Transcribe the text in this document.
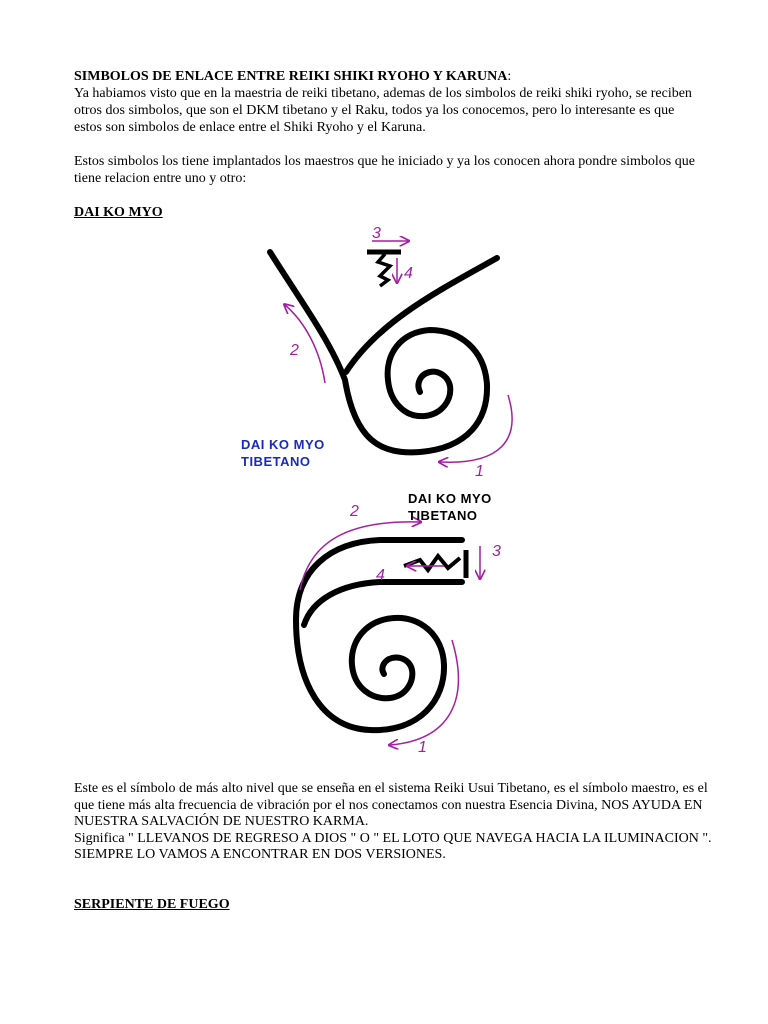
SIMBOLOS DE ENLACE ENTRE REIKI SHIKI RYOHO Y KARUNA:
Ya habiamos visto que en la maestria de reiki tibetano, ademas de los simbolos de reiki shiki ryoho, se reciben otros dos simbolos, que son el DKM tibetano y el Raku, todos ya los conocemos, pero lo interesante es que estos son simbolos de enlace entre el Shiki Ryoho y el Karuna.

Estos simbolos los tiene implantados los maestros que he iniciado y ya los conocen ahora pondre simbolos que tiene relacion entre uno y otro:

DAI KO MYO

3
4
2
1
2
3
4
1
DAI KO MYO
TIBETANO
DAI KO MYO
TIBETANO

Este es el símbolo de más alto nivel que se enseña en el sistema Reiki Usui Tibetano, es el símbolo maestro, es el que tiene más alta frecuencia de vibración por el nos conectamos con nuestra Esencia Divina, NOS AYUDA EN NUESTRA SALVACIÓN DE NUESTRO KARMA.

Significa " LLEVANOS DE REGRESO A DIOS " O " EL LOTO QUE NAVEGA HACIA LA ILUMINACION ".

SIEMPRE LO VAMOS A ENCONTRAR EN DOS VERSIONES.

SERPIENTE DE FUEGO
